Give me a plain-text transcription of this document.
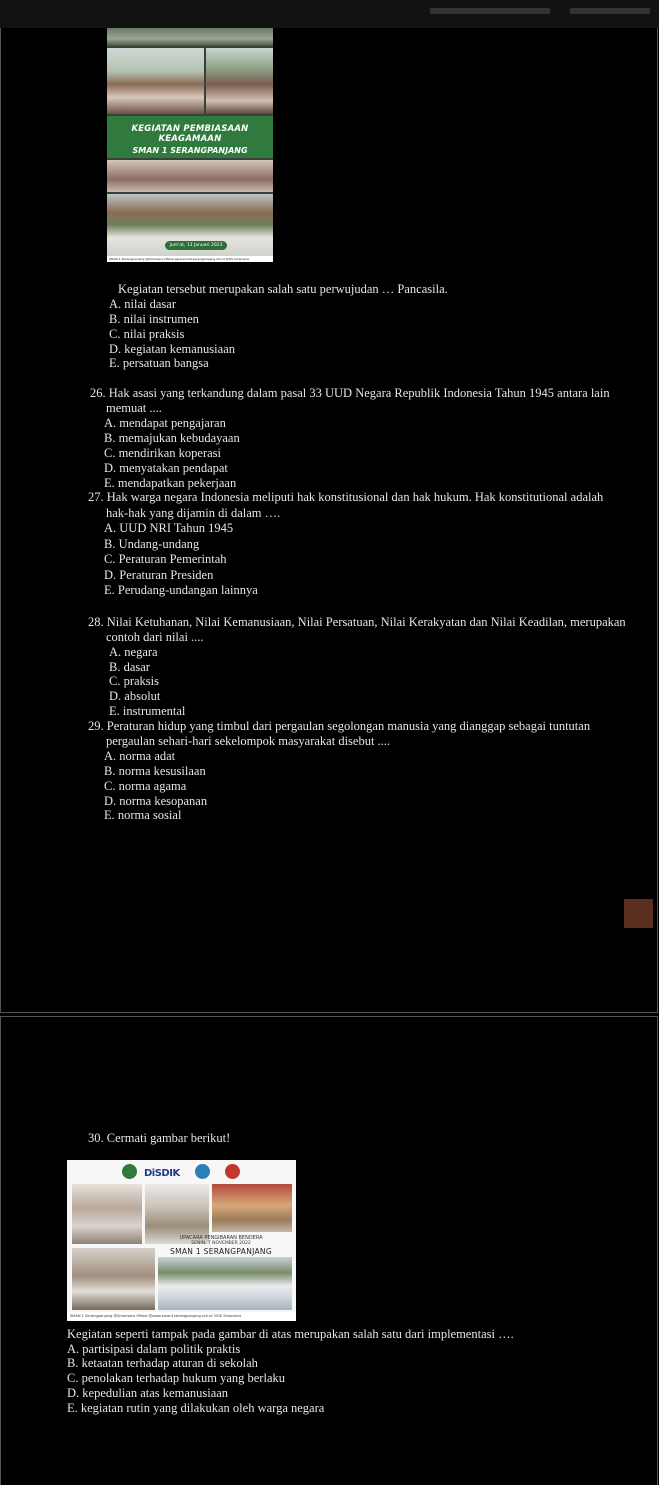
KEGIATAN PEMBIASAAN KEAGAMAAN
SMAN 1 SERANGPANJANG
Jum'at, 13 Januari 2023
SMAN 1 Serangpanjang @Smansera Ofisial www.sman1serangpanjang.sch.id OSIS Smansera
Kegiatan tersebut merupakan salah satu perwujudan … Pancasila.
A. nilai dasar
B. nilai instrumen
C. nilai praksis
D. kegiatan kemanusiaan
E. persatuan bangsa
26. Hak asasi yang terkandung dalam pasal 33 UUD Negara Republik Indonesia Tahun 1945 antara lain
memuat ....
A. mendapat pengajaran
B. memajukan kebudayaan
C. mendirikan koperasi
D. menyatakan pendapat
E. mendapatkan pekerjaan
27. Hak warga negara Indonesia meliputi hak konstitusional dan hak hukum. Hak konstitutional adalah
hak-hak yang dijamin di dalam ….
A. UUD NRI Tahun 1945
B. Undang-undang
C. Peraturan Pemerintah
D. Peraturan Presiden
E. Perudang-undangan lainnya
28. Nilai Ketuhanan, Nilai Kemanusiaan, Nilai Persatuan, Nilai Kerakyatan dan Nilai Keadilan, merupakan
contoh dari nilai ....
A. negara
B. dasar
C. praksis
D. absolut
E. instrumental
29. Peraturan hidup yang timbul dari pergaulan segolongan manusia yang dianggap sebagai tuntutan
pergaulan sehari-hari sekelompok masyarakat disebut ....
A. norma adat
B. norma kesusilaan
C. norma agama
D. norma kesopanan
E. norma sosial
30. Cermati gambar berikut!
DiSDIK
UPACARA PENGIBARAN BENDERA
SENIN, 7 NOVEMBER 2022
SMAN 1 SERANGPANJANG
SMAN 1 Serangpanjang @Smansera Ofisial @www.sman1serangpanjang.sch.id OSIS Smansera
Kegiatan seperti tampak pada gambar di atas merupakan salah satu dari implementasi ….
A. partisipasi dalam politik praktis
B. ketaatan terhadap aturan di sekolah
C. penolakan terhadap hukum yang berlaku
D. kepedulian atas kemanusiaan
E. kegiatan rutin yang dilakukan oleh warga negara
